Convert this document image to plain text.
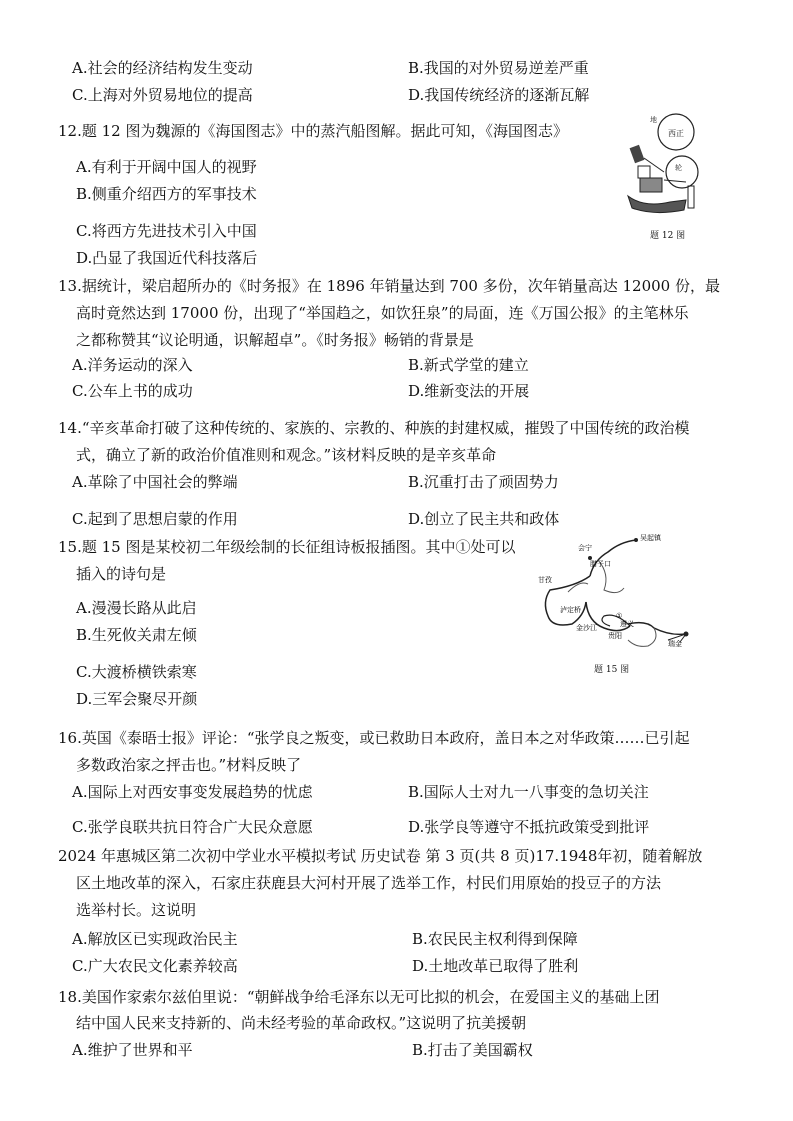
A.社会的经济结构发生变动	B.我国的对外贸易逆差严重
C.上海对外贸易地位的提高	D.我国传统经济的逐渐瓦解
12.题 12 图为魏源的《海国图志》中的蒸汽船图解。据此可知，《海国图志》
A.有利于开阔中国人的视野
B.侧重介绍西方的军事技术
C.将西方先进技术引入中国
D.凸显了我国近代科技落后
西正
地
轮
题 12 图
13.据统计，梁启超所办的《时务报》在 1896 年销量达到 700 多份，次年销量高达 12000 份，最
高时竟然达到 17000 份，出现了“举国趋之，如饮狂泉”的局面，连《万国公报》的主笔林乐
之都称赞其“议论明通，识解超卓”。《时务报》畅销的背景是
A.洋务运动的深入	B.新式学堂的建立
C.公车上书的成功	D.维新变法的开展
14.“辛亥革命打破了这种传统的、家族的、宗教的、种族的封建权威，摧毁了中国传统的政治模
式，确立了新的政治价值准则和观念。”该材料反映的是辛亥革命
A.革除了中国社会的弊端	B.沉重打击了顽固势力
C.起到了思想启蒙的作用	D.创立了民主共和政体
15.题 15 图是某校初二年级绘制的长征组诗板报插图。其中①处可以
插入的诗句是
A.漫漫长路从此启
B.生死攸关肃左倾
C.大渡桥横铁索寒
D.三军会聚尽开颜
吴起镇
会宁
腊子口
甘孜
泸定桥
金沙江
①
遵义
贵阳
瑞金
题 15 图
16.英国《泰晤士报》评论：“张学良之叛变，或已救助日本政府，盖日本之对华政策……已引起
多数政治家之抨击也。”材料反映了
A.国际上对西安事变发展趋势的忧虑	B.国际人士对九一八事变的急切关注
C.张学良联共抗日符合广大民众意愿	D.张学良等遵守不抵抗政策受到批评
2024 年惠城区第二次初中学业水平模拟考试 历史试卷 第 3 页(共 8 页)17.1948年初，随着解放
区土地改革的深入，石家庄获鹿县大河村开展了选举工作，村民们用原始的投豆子的方法
选举村长。这说明
A.解放区已实现政治民主	B.农民民主权利得到保障
C.广大农民文化素养较高	D.土地改革已取得了胜利
18.美国作家索尔兹伯里说：“朝鲜战争给毛泽东以无可比拟的机会，在爱国主义的基础上团
结中国人民来支持新的、尚未经考验的革命政权。”这说明了抗美援朝
A.维护了世界和平	B.打击了美国霸权
